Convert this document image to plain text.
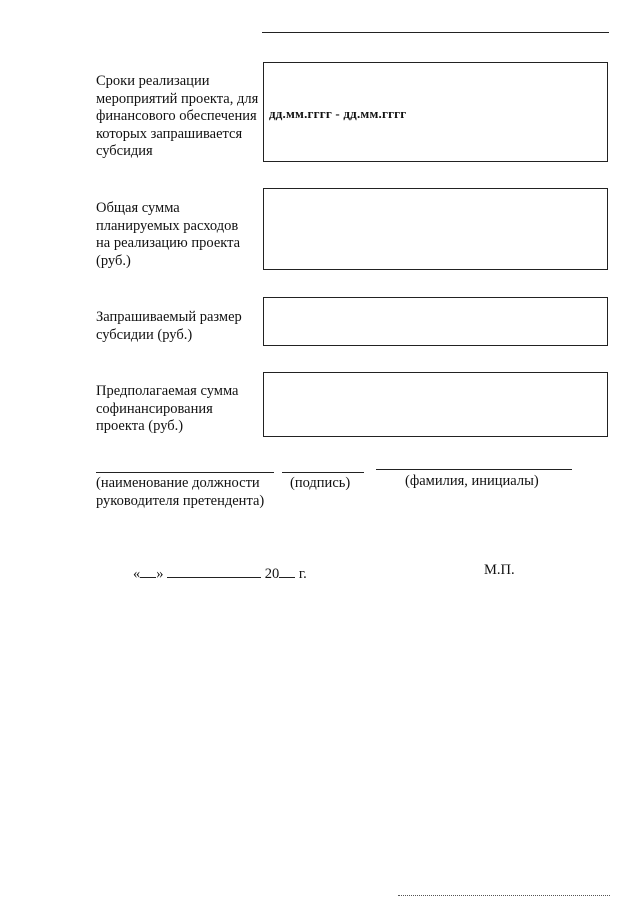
Сроки реализации мероприятий проекта, для финансового обеспечения которых запрашивается субсидия
дд.мм.гггг - дд.мм.гггг
Общая сумма планируемых расходов на реализацию проекта (руб.)
Запрашиваемый размер субсидии (руб.)
Предполагаемая сумма софинансирования проекта (руб.)
(наименование должности руководителя претендента)
(подпись)	(фамилия, инициалы)
« »	20 г.	М.П.
